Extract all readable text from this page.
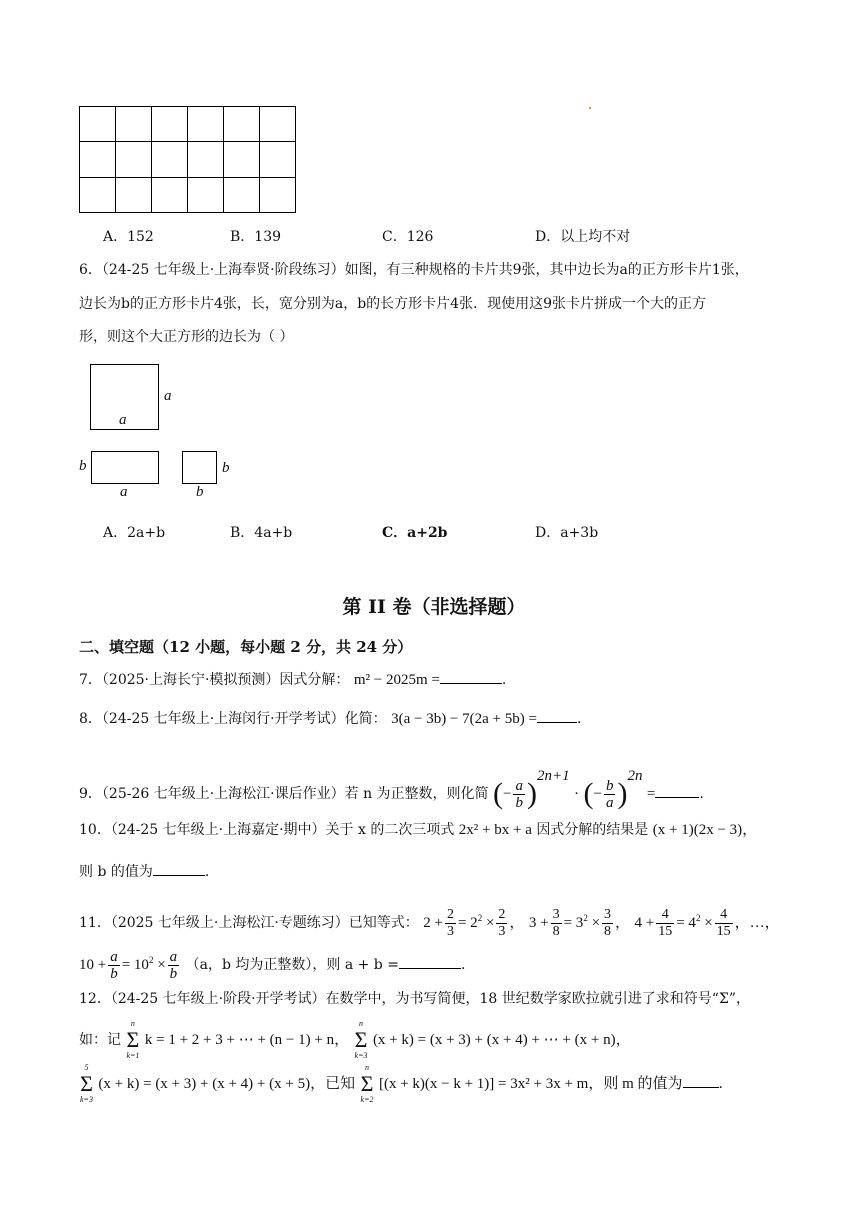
A．152	B．139	C．126	D．以上均不对
6．（24-25 七年级上·上海奉贤·阶段练习）如图，有三种规格的卡片共9张，其中边长为a的正方形卡片1张，
边长为b的正方形卡片4张，长，宽分别为a，b的长方形卡片4张．现使用这9张卡片拼成一个大的正方
形，则这个大正方形的边长为（ ）
a
a
b
a
b
b
A．2a+b	B．4a+b	C．a+2b	D．a+3b
第 II 卷（非选择题）
二、填空题（12 小题，每小题 2 分，共 24 分）
7．（2025·上海长宁·模拟预测）因式分解： m² − 2025m =	.
8．（24-25 七年级上·上海闵行·开学考试）化简： 3(a − 3b) − 7(2a + 5b) =	.
9．（25-26 七年级上·上海松江·课后作业）若 n 为正整数，则化简 (− $\frac{a}{b} )^{2n+1}$ · (− $\frac{b}{a} )^{2n}$ =	.
10．（24-25 七年级上·上海嘉定·期中）关于 x 的二次三项式 2x² + bx + a 因式分解的结果是 (x + 1)(2x − 3)，
则 b 的值为	.
11．（2025 七年级上·上海松江·专题练习）已知等式： $2 + \frac{2}{3} = 2^2 \times \frac{2}{3}$ ， $3 + \frac{3}{8} = 3^2 \times \frac{3}{8}$ ， $4 + \frac{4}{15} = 4^2 \times \frac{4}{15}$ ，…，
$10 + \frac{a}{b} = 10^2 \times \frac{a}{b} (a$，b 均为正整数），则 a + b =	.
12．（24-25 七年级上·阶段·开学考试）在数学中，为书写简便，18 世纪数学家欧拉就引进了求和符号“Σ”，
如：记
n
Σ
k=1
k = 1 + 2 + 3 + ⋯ + (n − 1) + n，
n
Σ
k=3
(x + k) = (x + 3) + (x + 4) + ⋯ + (x + n)，
5
Σ
k=3
(x + k) = (x + 3) + (x + 4) + (x + 5)，已知
n
Σ
k=2
[(x + k)(x − k + 1)] = 3x² + 3x + m，则 m 的值为	.
